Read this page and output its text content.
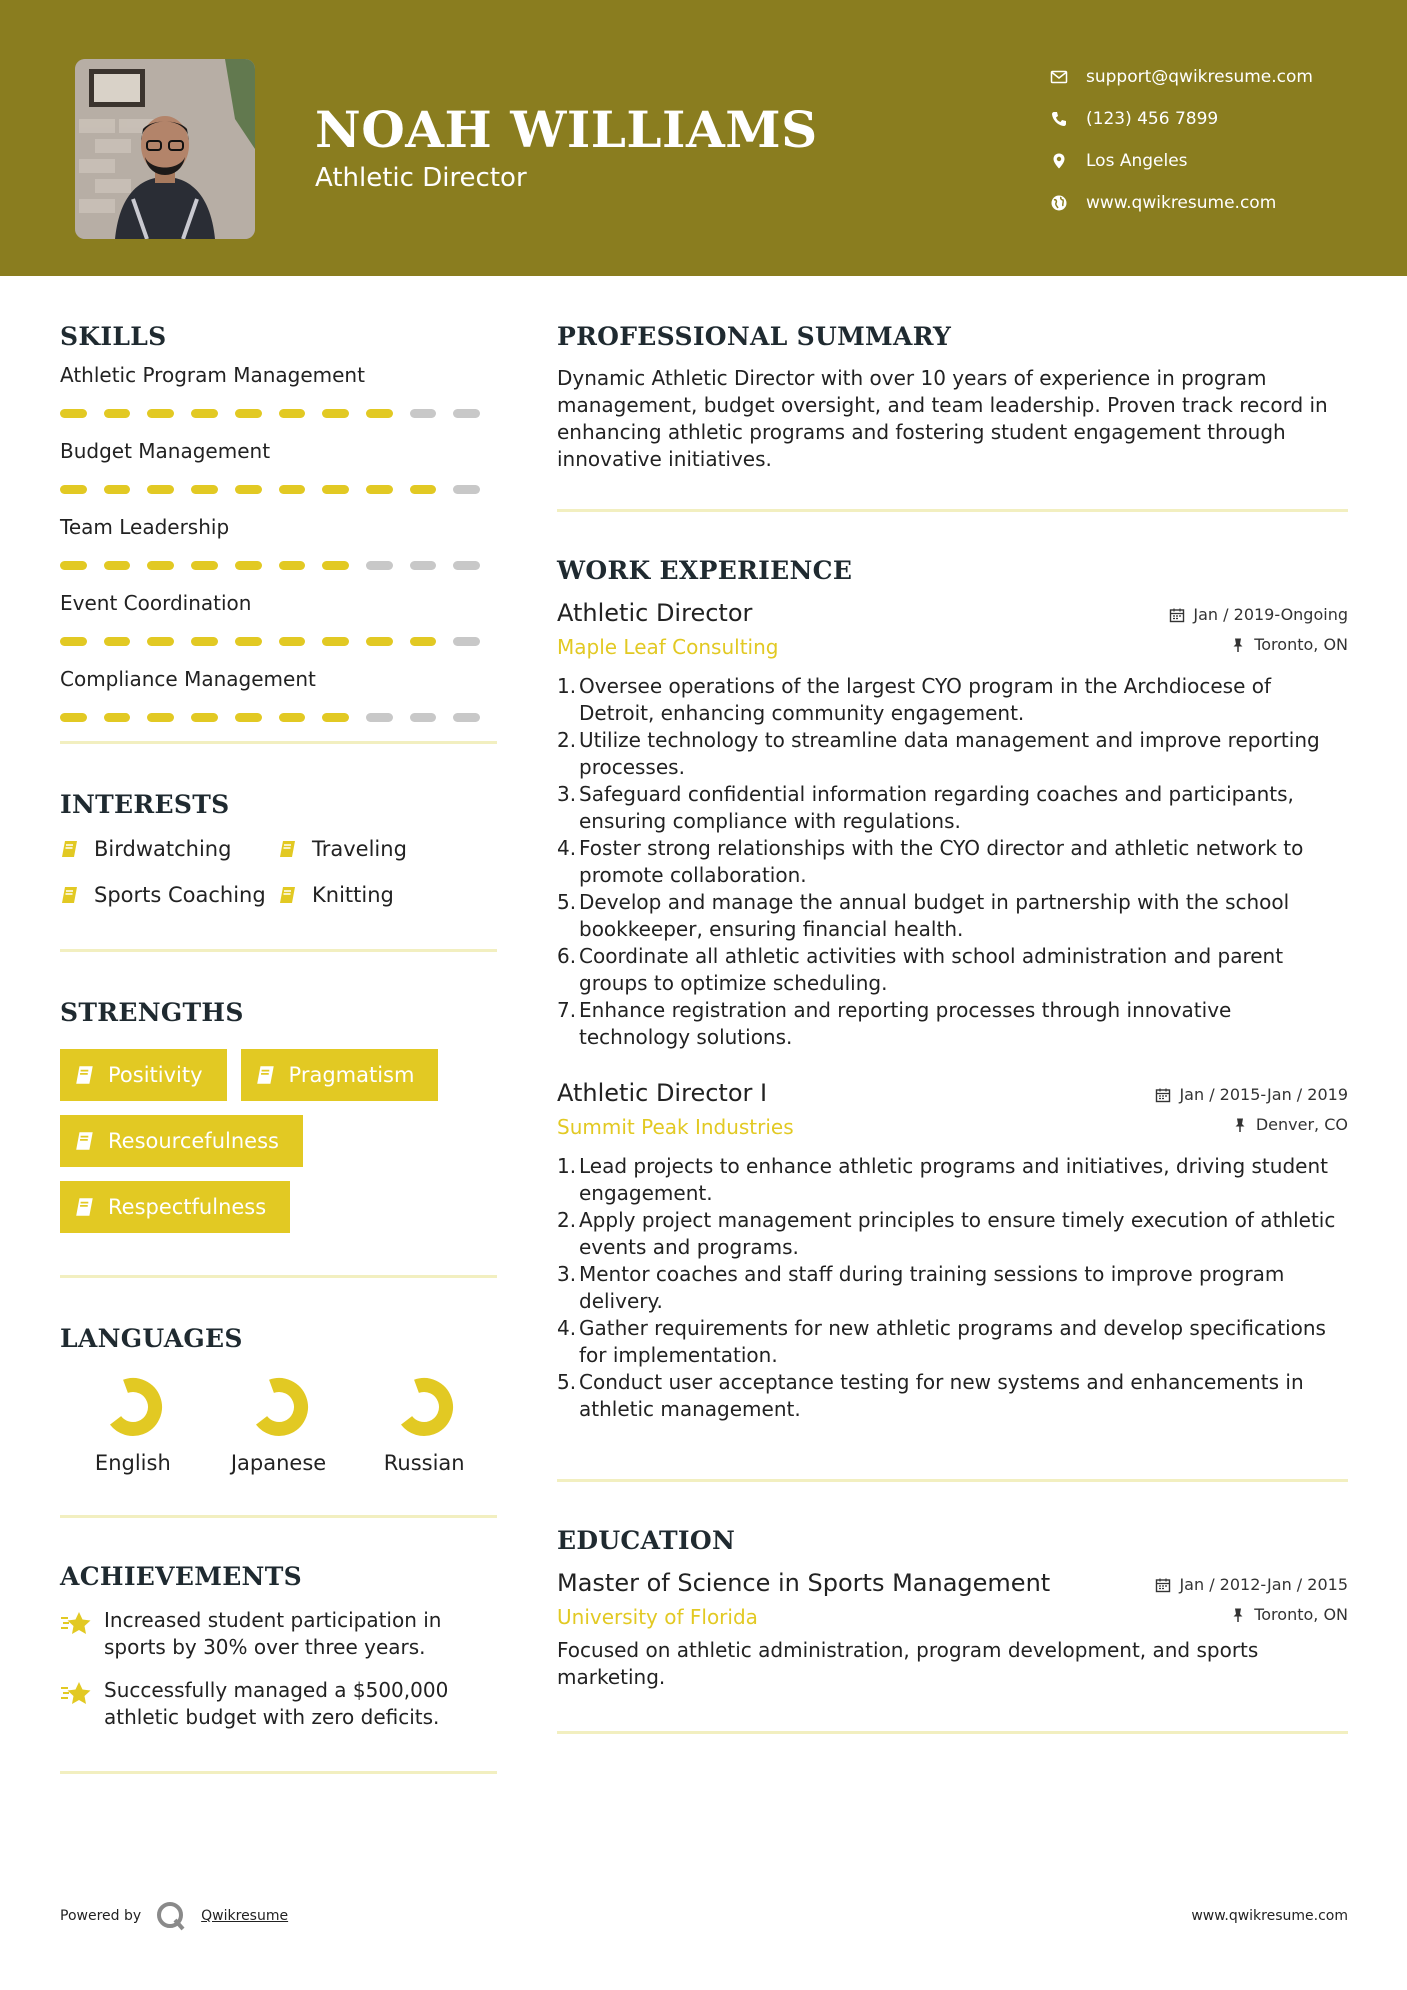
NOAH WILLIAMS
Athletic Director
support@qwikresume.com
(123) 456 7899
Los Angeles
www.qwikresume.com
SKILLS
Athletic Program Management
Budget Management
Team Leadership
Event Coordination
Compliance Management
INTERESTS
Birdwatching	Traveling
Sports Coaching Knitting
STRENGTHS
Positivity	Pragmatism
Resourcefulness
Respectfulness
LANGUAGES
English	Japanese	Russian
ACHIEVEMENTS
Increased student participation in sports by 30% over three years.
Successfully managed a $500,000 athletic budget with zero deficits.
PROFESSIONAL SUMMARY
Dynamic Athletic Director with over 10 years of experience in program management, budget oversight, and team leadership. Proven track record in enhancing athletic programs and fostering student engagement through innovative initiatives.
WORK EXPERIENCE
Athletic Director	Jan / 2019-Ongoing
Maple Leaf Consulting	Toronto, ON
1. Oversee operations of the largest CYO program in the Archdiocese of Detroit, enhancing community engagement.
2. Utilize technology to streamline data management and improve reporting processes.
3. Safeguard confidential information regarding coaches and participants, ensuring compliance with regulations.
4. Foster strong relationships with the CYO director and athletic network to promote collaboration.
5. Develop and manage the annual budget in partnership with the school bookkeeper, ensuring financial health.
6. Coordinate all athletic activities with school administration and parent groups to optimize scheduling.
7. Enhance registration and reporting processes through innovative technology solutions.
Athletic Director I	Jan / 2015-Jan / 2019
Summit Peak Industries	Denver, CO
1. Lead projects to enhance athletic programs and initiatives, driving student engagement.
2. Apply project management principles to ensure timely execution of athletic events and programs.
3. Mentor coaches and staff during training sessions to improve program delivery.
4. Gather requirements for new athletic programs and develop specifications for implementation.
5. Conduct user acceptance testing for new systems and enhancements in athletic management.
EDUCATION
Master of Science in Sports Management	Jan / 2012-Jan / 2015
University of Florida	Toronto, ON
Focused on athletic administration, program development, and sports marketing.
Powered by	Qwikresume	www.qwikresume.com
